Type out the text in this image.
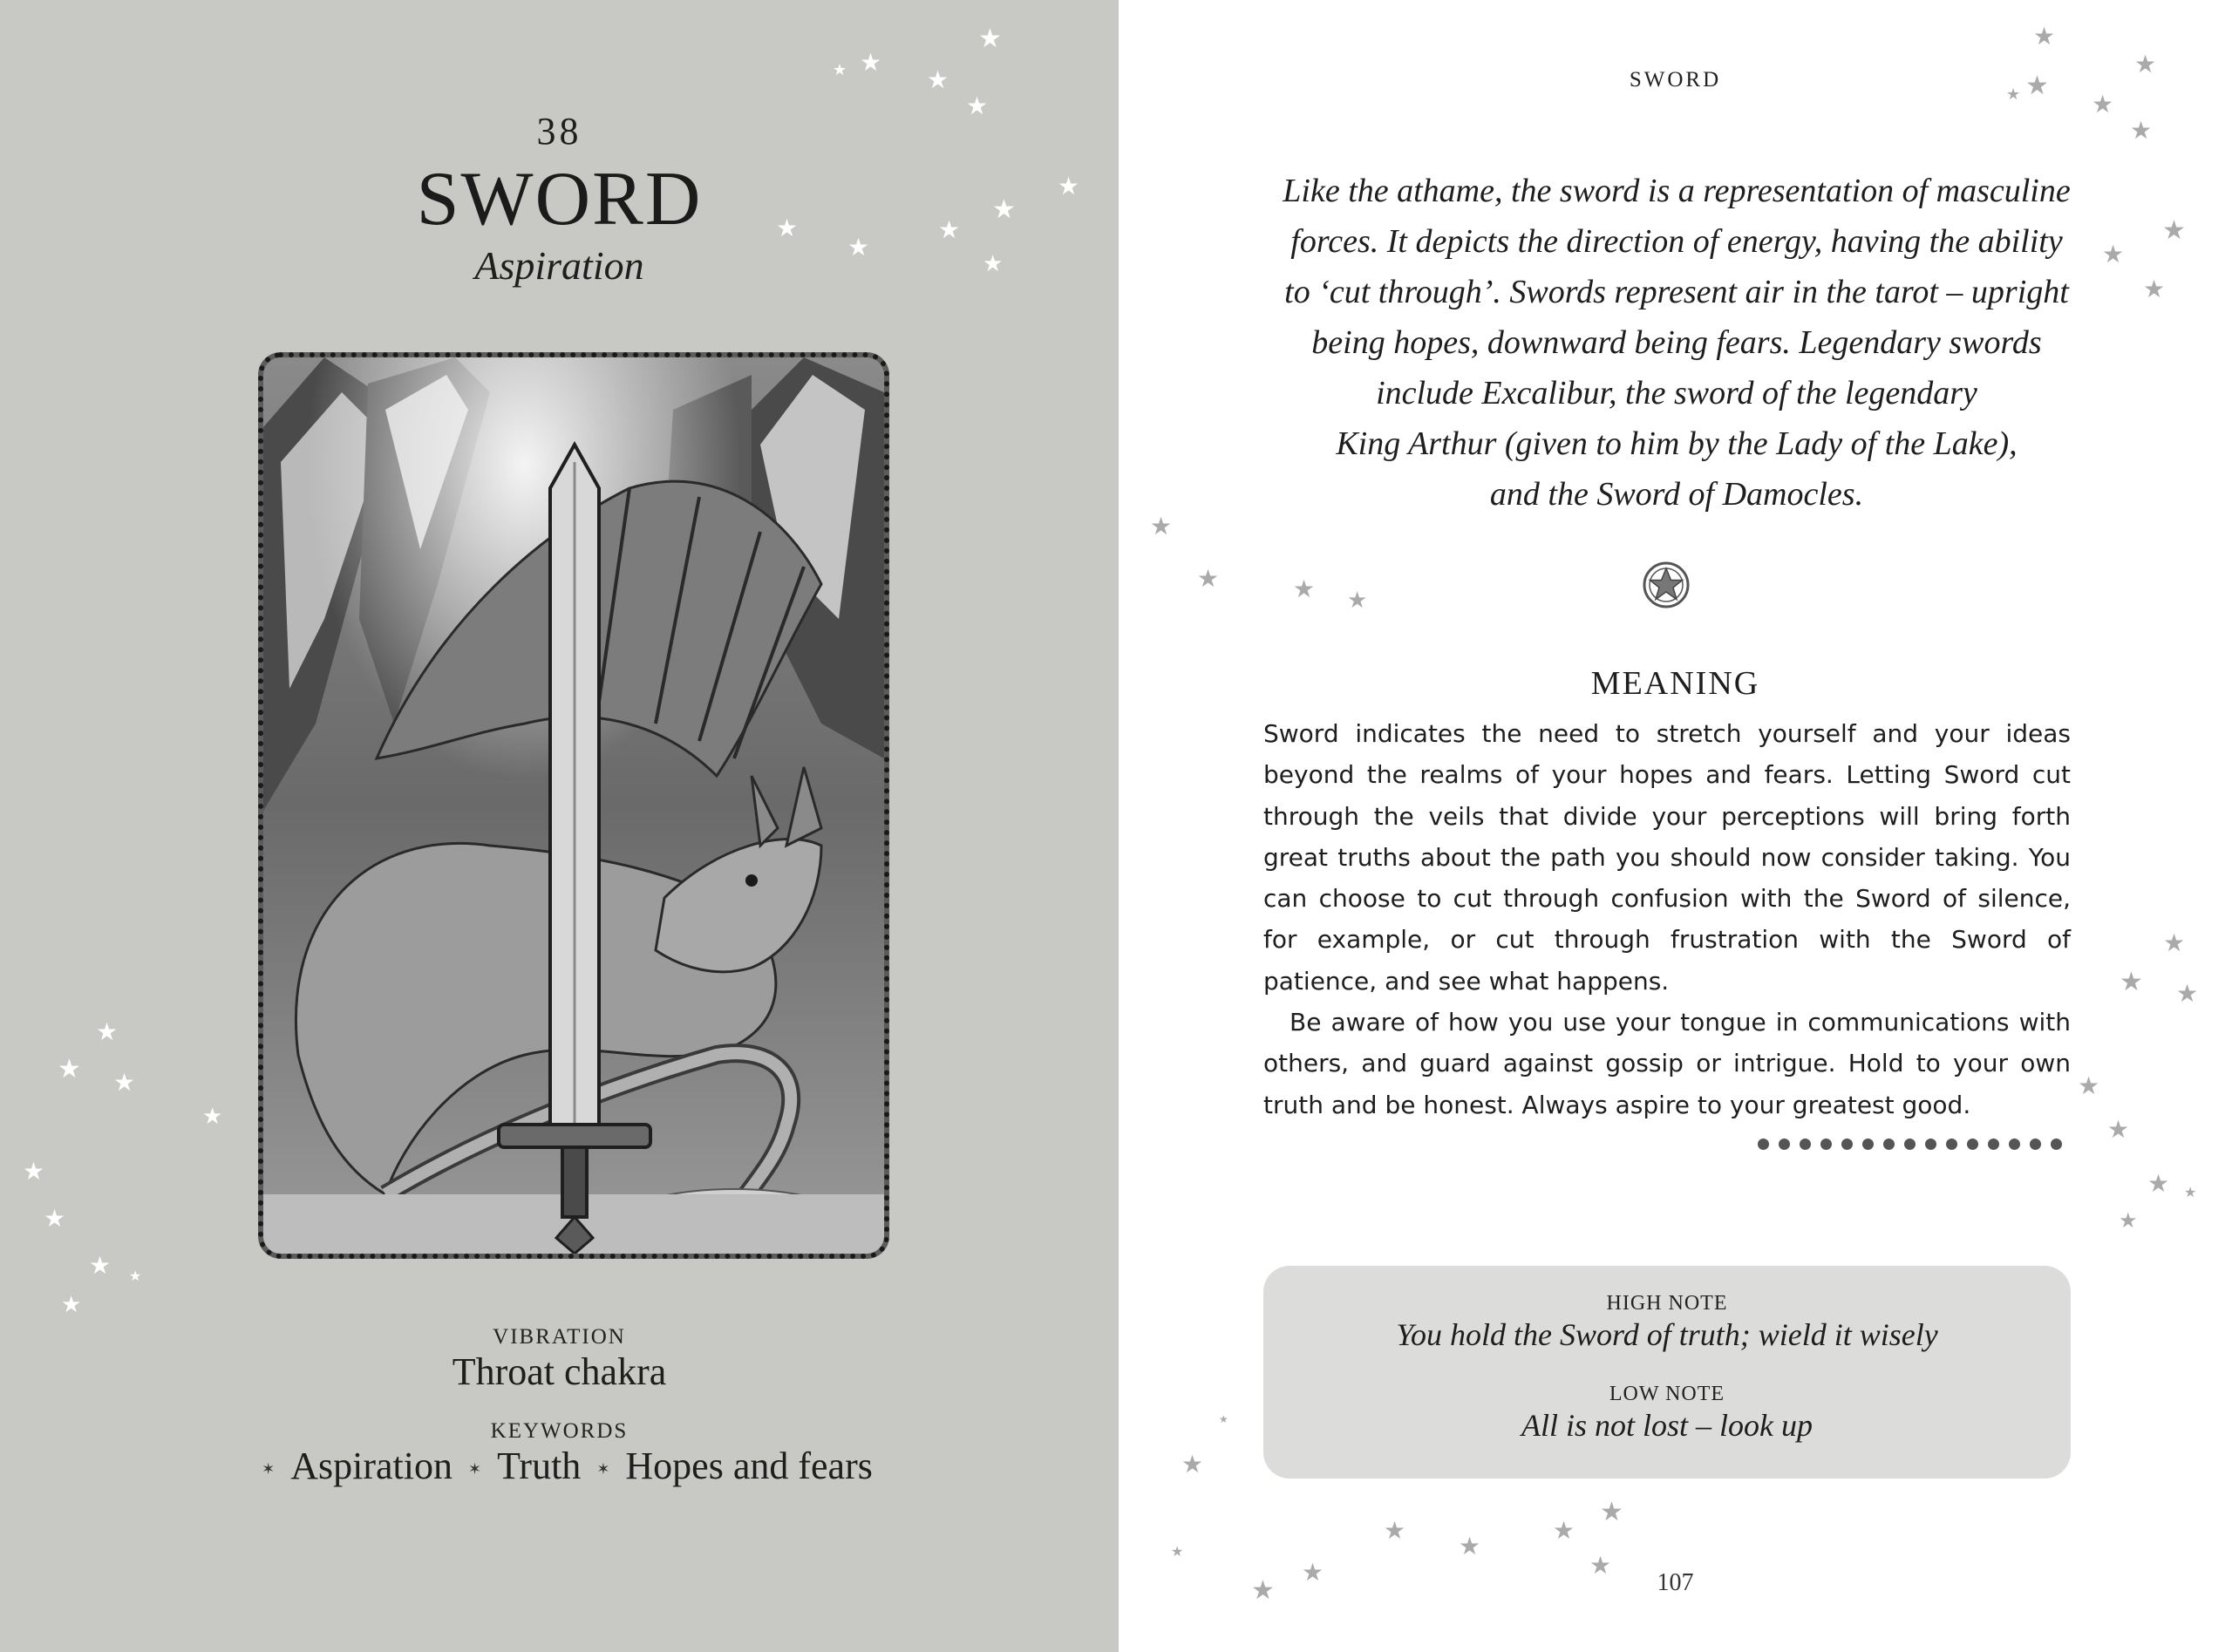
38
SWORD
Aspiration
VIBRATION
Throat chakra
KEYWORDS
✶ Aspiration ✶ Truth ✶ Hopes and fears
★
★
★	★
★
★
★
★	★
★
★
★
★ ★
★
★
★
★ ★
★
SWORD
Like the athame, the sword is a representation of masculine
forces. It depicts the direction of energy, having the ability
to ‘cut through’. Swords represent air in the tarot – upright
being hopes, downward being fears. Legendary swords
include Excalibur, the sword of the legendary
King Arthur (given to him by the Lady of the Lake),
and the Sword of Damocles.
MEANING

Sword indicates the need to stretch yourself and your ideas beyond the realms of your hopes and fears. Letting Sword cut through the veils that divide your perceptions will bring forth great truths about the path you should now consider taking. You can choose to cut through confusion with the Sword of silence, for example, or cut through frustration with the Sword of patience, and see what happens.

Be aware of how you use your tongue in communications with others, and guard against gossip or intrigue. Hold to your own truth and be honest. Always aspire to your greatest good.

HIGH NOTE
You hold the Sword of truth; wield it wisely
LOW NOTE
All is not lost – look up
107
★
★
★
★	★
★
★
★
★
★
★	★ ★
★
★ ★
★
★
★ ★
★
★
★
★
★	★
★
★	★
★
★
